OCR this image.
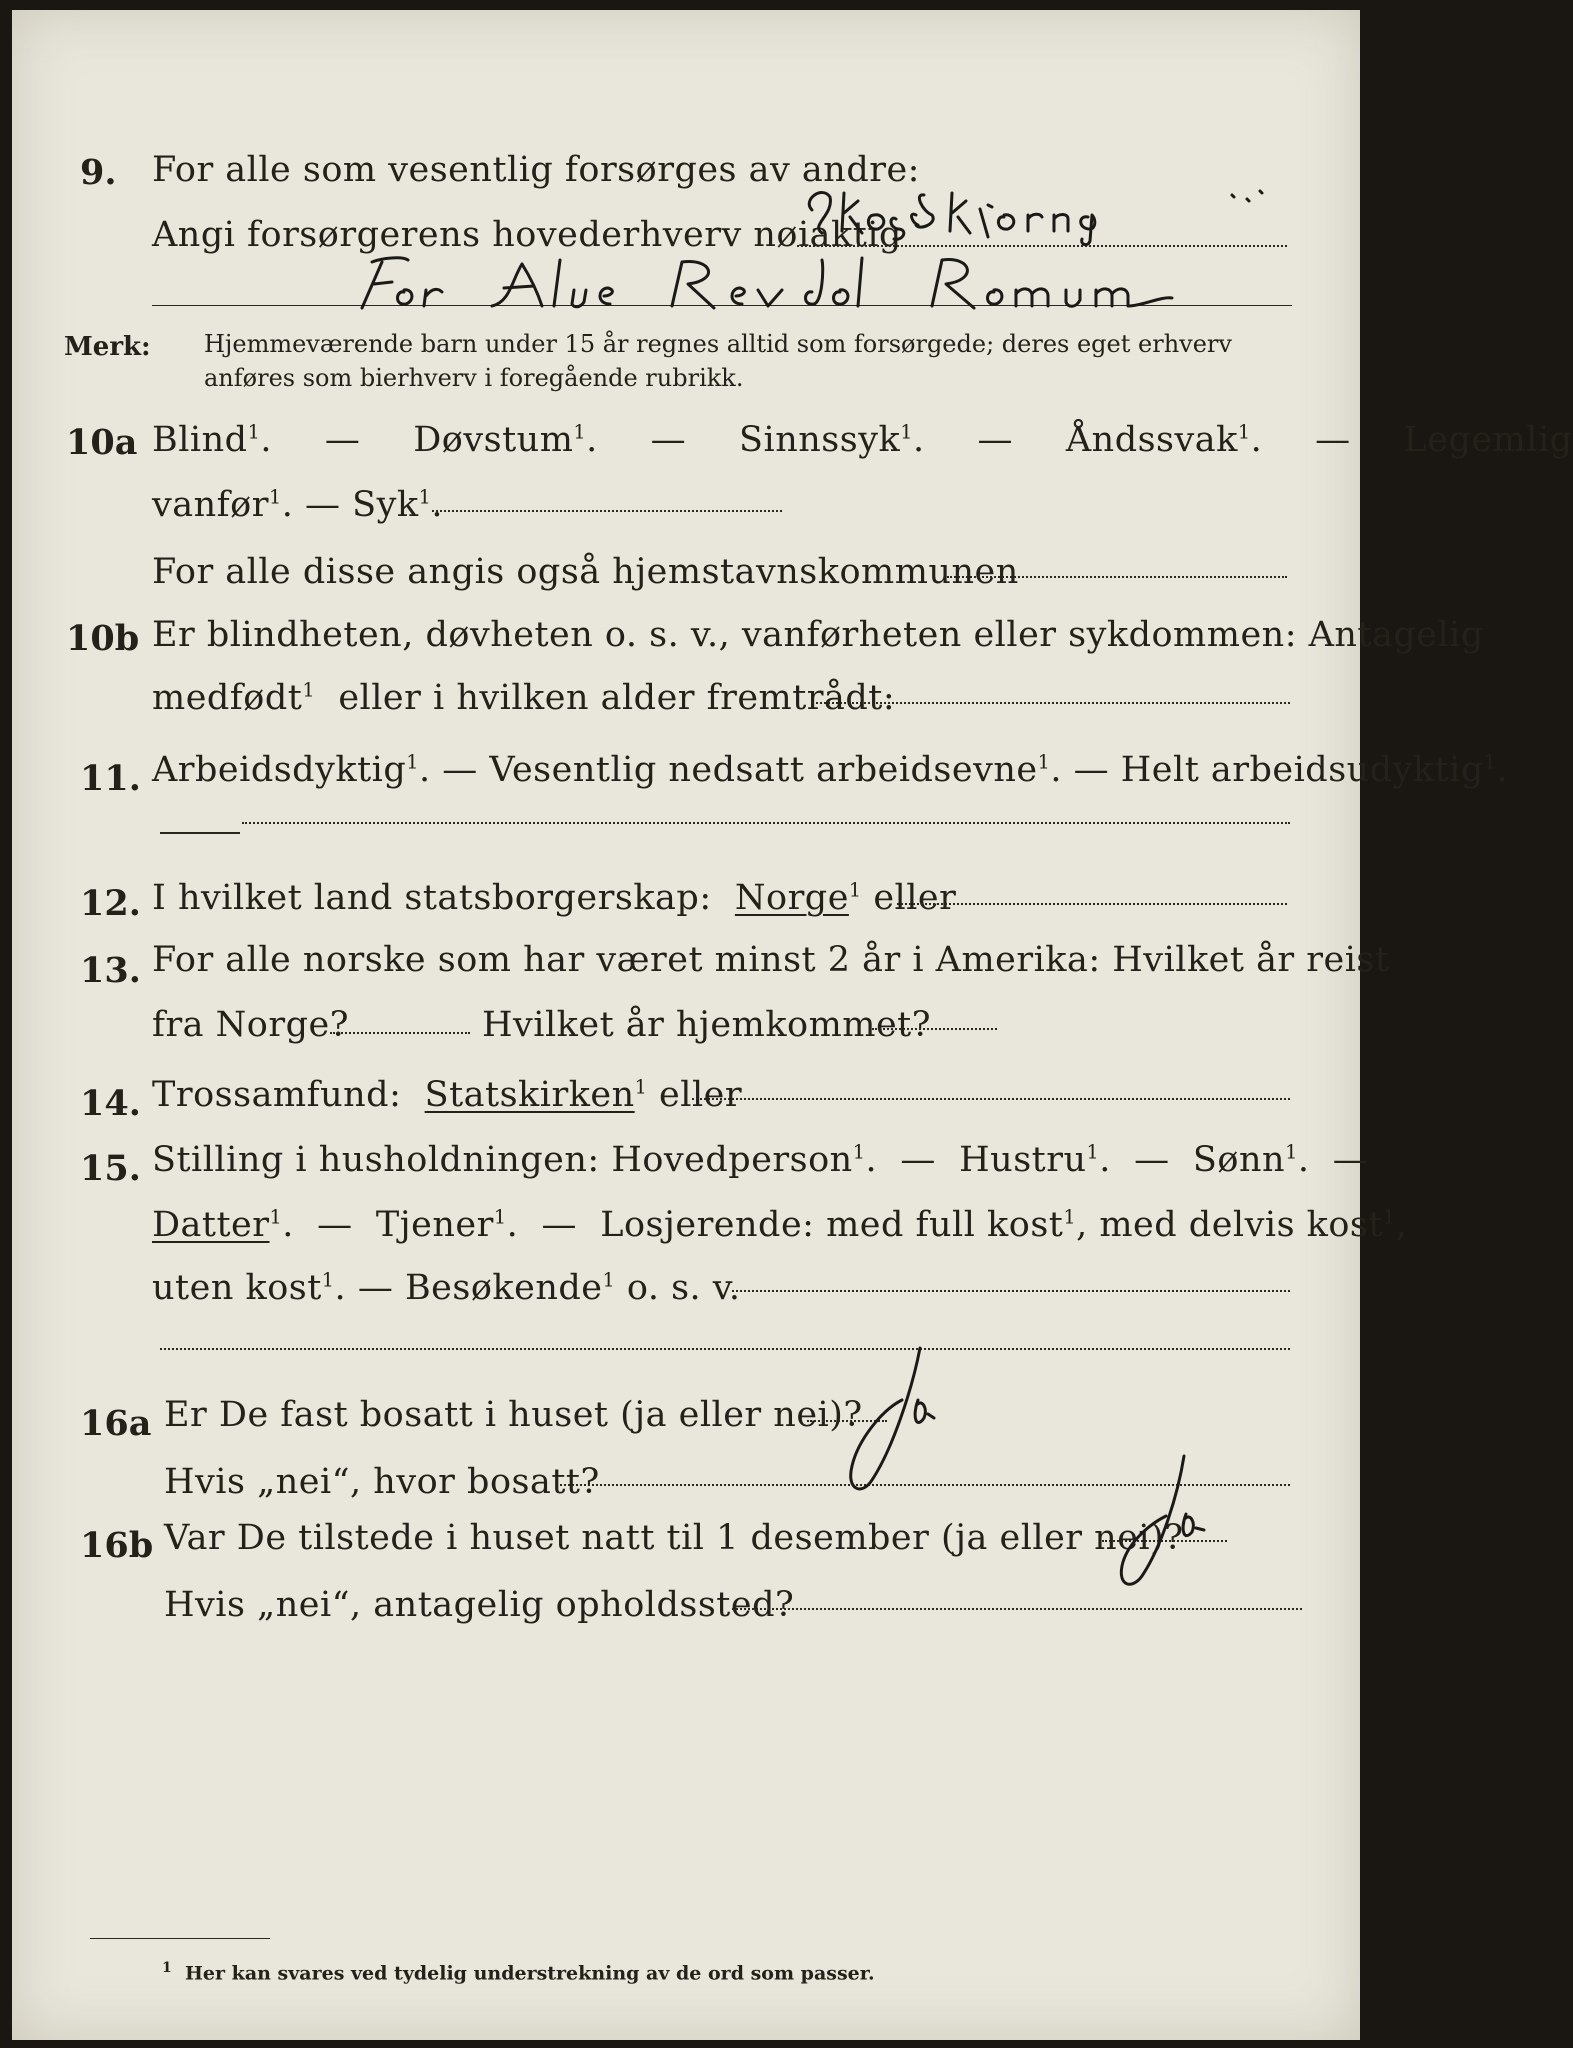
9. For alle som vesentlig forsørges av andre:
Angi forsørgerens hovederhverv nøiaktig
Merk: Hjemmeværende barn under 15 år regnes alltid som forsørgede; deres eget erhverv
anføres som bierhverv i foregående rubrikk.
10a Blind$^1$.   — Døvstum$^1$.   — Sinnssyk$^1$.   — Åndssvak$^1$.   — Legemlig
vanfør$^1$. — Syk$^1$.
For alle disse angis også hjemstavnskommunen
10b Er blindheten, døvheten o. s. v., vanførheten eller sykdommen: Antagelig
medfødt$^1$ eller i hvilken alder fremtrådt:
11. Arbeidsdyktig$^1$. — Vesentlig nedsatt arbeidsevne$^1$. — Helt arbeidsudyktig$^1$.
12. I hvilket land statsborgerskap: Norge$^1$ eller
13. For alle norske som har været minst 2 år i Amerika: Hvilket år reist
fra Norge?	Hvilket år hjemkommet?
14. Trossamfund: Statskirken$^1$ eller
15. Stilling i husholdningen: Hovedperson$^1$.  — Hustru$^1$.  — Sønn$^1$.  —
Datter$^1$.  — Tjener$^1$.  — Losjerende: med full kost$^1$, med delvis kost$^1$,
uten kost$^1$. — Besøkende$^1$ o. s. v.
16a Er De fast bosatt i huset (ja eller nei)?
Hvis „nei“, hvor bosatt?
16b Var De tilstede i huset natt til 1 desember (ja eller nei)?
Hvis „nei“, antagelig opholdssted?
$^1$ Her kan svares ved tydelig understrekning av de ord som passer.
